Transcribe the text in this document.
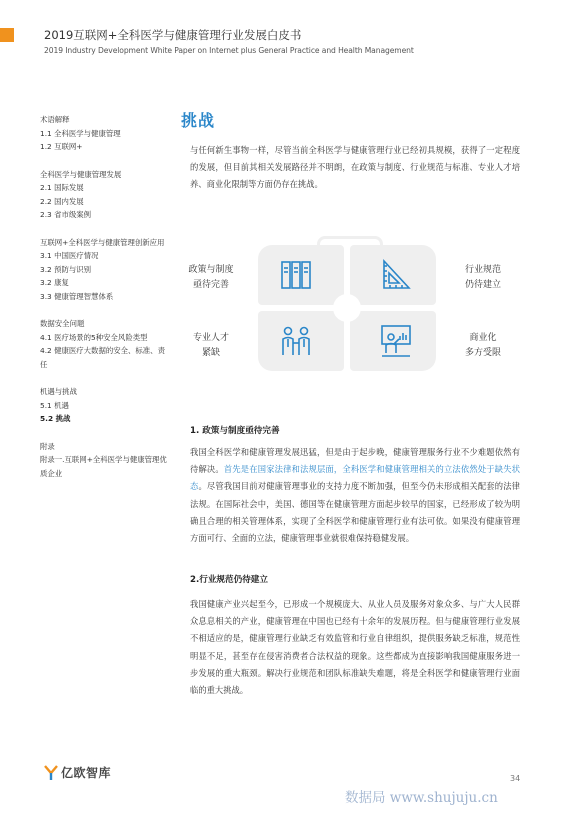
2019互联网+全科医学与健康管理行业发展白皮书
2019 Industry Development White Paper on Internet plus General Practice and Health Management
术语解释
1.1 全科医学与健康管理
1.2 互联网+
全科医学与健康管理发展
2.1 国际发展
2.2 国内发展
2.3 省市级案例
互联网+全科医学与健康管理创新应用
3.1 中国医疗情况
3.2 预防与识别
3.2 康复
3.3 健康管理智慧体系
数据安全问题
4.1 医疗场景的5种安全风险类型
4.2 健康医疗大数据的安全、标准、责任
机遇与挑战
5.1 机遇
5.2 挑战
附录
附录一.互联网+全科医学与健康管理优质企业
挑战

与任何新生事物一样，尽管当前全科医学与健康管理行业已经初具规模，获得了一定程度的发展，但目前其相关发展路径并不明朗，在政策与制度、行业规范与标准、专业人才培养、商业化限制等方面仍存在挑战。

政策与制度
亟待完善
行业规范
仍待建立
专业人才
紧缺
商业化
多方受限
1. 政策与制度亟待完善

我国全科医学和健康管理发展迅猛，但是由于起步晚，健康管理服务行业不少难题依然有待解决。首先是在国家法律和法规层面，全科医学和健康管理相关的立法依然处于缺失状态。尽管我国目前对健康管理事业的支持力度不断加强，但至今仍未形成相关配套的法律法规。在国际社会中，美国、德国等在健康管理方面起步较早的国家，已经形成了较为明确且合理的相关管理体系，实现了全科医学和健康管理行业有法可依。如果没有健康管理方面可行、全面的立法，健康管理事业就很难保持稳健发展。

2.行业规范仍待建立

我国健康产业兴起至今，已形成一个规模庞大、从业人员及服务对象众多、与广大人民群众息息相关的产业，健康管理在中国也已经有十余年的发展历程。但与健康管理行业发展不相适应的是，健康管理行业缺乏有效监管和行业自律组织，提供服务缺乏标准，规范性明显不足，甚至存在侵害消费者合法权益的现象。这些都成为直接影响我国健康服务进一步发展的重大瓶颈。解决行业规范和团队标准缺失难题，将是全科医学和健康管理行业面临的重大挑战。

亿欧智库	34
数据局 www.shujuju.cn
